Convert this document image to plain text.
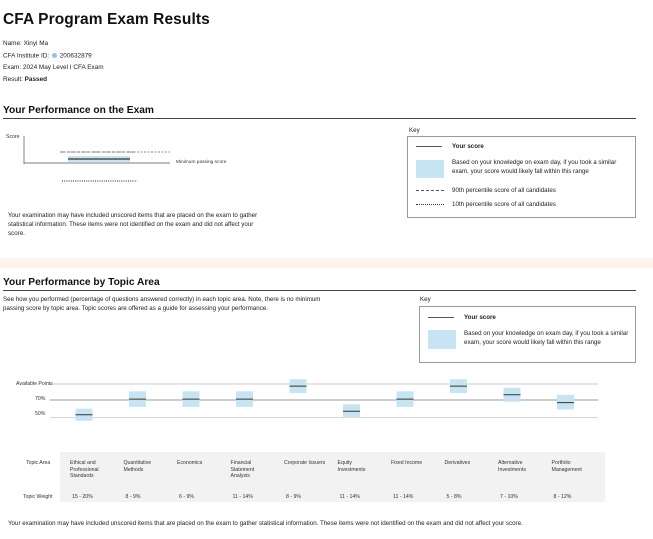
CFA Program Exam Results
Name: Xinyi Ma
CFA Institute ID: 200632879
Exam: 2024 May Level I CFA Exam
Result: Passed
Your Performance on the Exam
Score
Minimum passing score
Your examination may have included unscored items that are placed on the exam to gather statistical information. These items were not identified on the exam and did not affect your score.
Key
Your score
Based on your knowledge on exam day, if you took a similar exam, your score would likely fall within this range
90th percentile score of all candidates
10th percentile score of all candidates
Your Performance by Topic Area
See how you performed (percentage of questions answered correctly) in each topic area. Note, there is no minimum passing score by topic area. Topic scores are offered as a guide for assessing your performance.
Key
Your score
Based on your knowledge on exam day, if you took a similar exam, your score would likely fall within this range
Available Points
70%
50%
Topic Area
Topic Weight
Ethical and
Professional
Standards
15 - 20%
Quantitative
Methods
8 - 9%
Economics
6 - 9%
Financial
Statement
Analysis
11 - 14%
Corporate Issuers
8 - 9%
Equity
Investments
11 - 14%
Fixed Income
11 - 14%
Derivatives
5 - 8%
Alternative
Investments
7 - 10%
Portfolio
Management
8 - 12%
Your examination may have included unscored items that are placed on the exam to gather statistical information. These items were not identified on the exam and did not affect your score.
